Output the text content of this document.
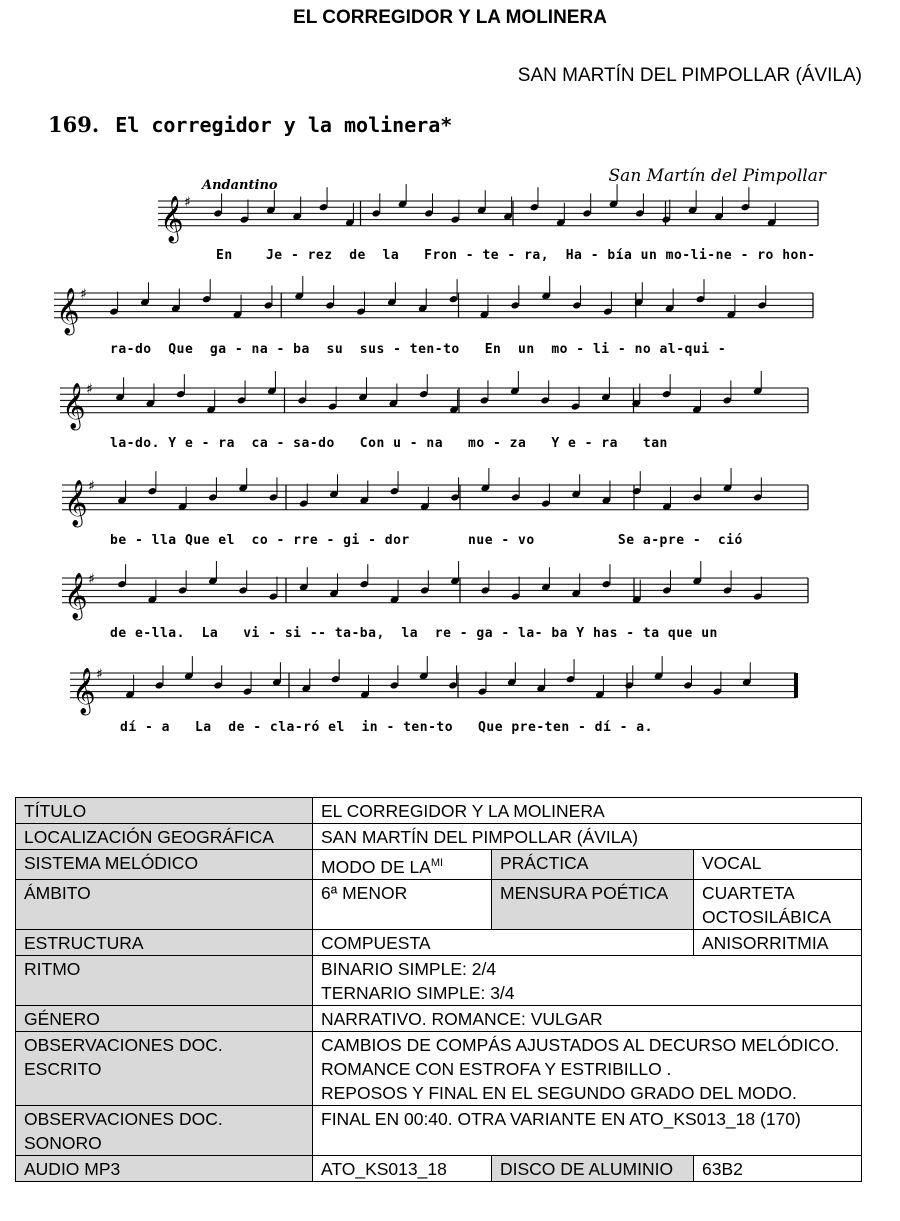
EL CORREGIDOR Y LA MOLINERA
SAN MARTÍN DEL PIMPOLLAR (ÁVILA)
169. El corregidor y la molinera*
Andantino	San Martín del Pimpollar
𝄞 ♯
𝄞 ♯
𝄞 ♯
𝄞 ♯
𝄞 ♯
𝄞 ♯
En    Je - rez  de  la   Fron - te - ra,  Ha - bía un mo-li-ne - ro hon-
ra-do  Que  ga - na - ba  su  sus - ten-to   En  un  mo - li - no al-qui -
la-do. Y e - ra  ca - sa-do   Con u - na   mo - za   Y e - ra   tan
be - lla Que el  co - rre - gi - dor       nue - vo          Se a-pre -  ció
de e-lla.  La   vi - si -- ta-ba,  la  re - ga - la- ba Y has - ta que un
dí - a   La  de - cla-ró el  in - ten-to   Que pre-ten - dí - a.
TÍTULO	EL CORREGIDOR Y LA MOLINERA		
LOCALIZACIÓN GEOGRÁFICA	SAN MARTÍN DEL PIMPOLLAR (ÁVILA)		
SISTEMA MELÓDICO	MODO DE $LA^{MI}$	PRÁCTICA	VOCAL
ÁMBITO	6ª MENOR	MENSURA POÉTICA	CUARTETA
OCTOSILÁBICA

ESTRUCTURA	COMPUESTA		ANISORRITMIA
RITMO	BINARIO SIMPLE: 2/4
TERNARIO SIMPLE: 3/4		

GÉNERO	NARRATIVO. ROMANCE: VULGAR		
OBSERVACIONES DOC. ESCRITO	CAMBIOS DE COMPÁS AJUSTADOS AL DECURSO MELÓDICO.
ROMANCE CON ESTROFA Y ESTRIBILLO .
REPOSOS Y FINAL EN EL SEGUNDO GRADO DEL MODO.		

OBSERVACIONES DOC. SONORO	FINAL EN 00:40. OTRA VARIANTE EN ATO_KS013_18 (170)		
AUDIO MP3	ATO_KS013_18	DISCO DE ALUMINIO	63B2
